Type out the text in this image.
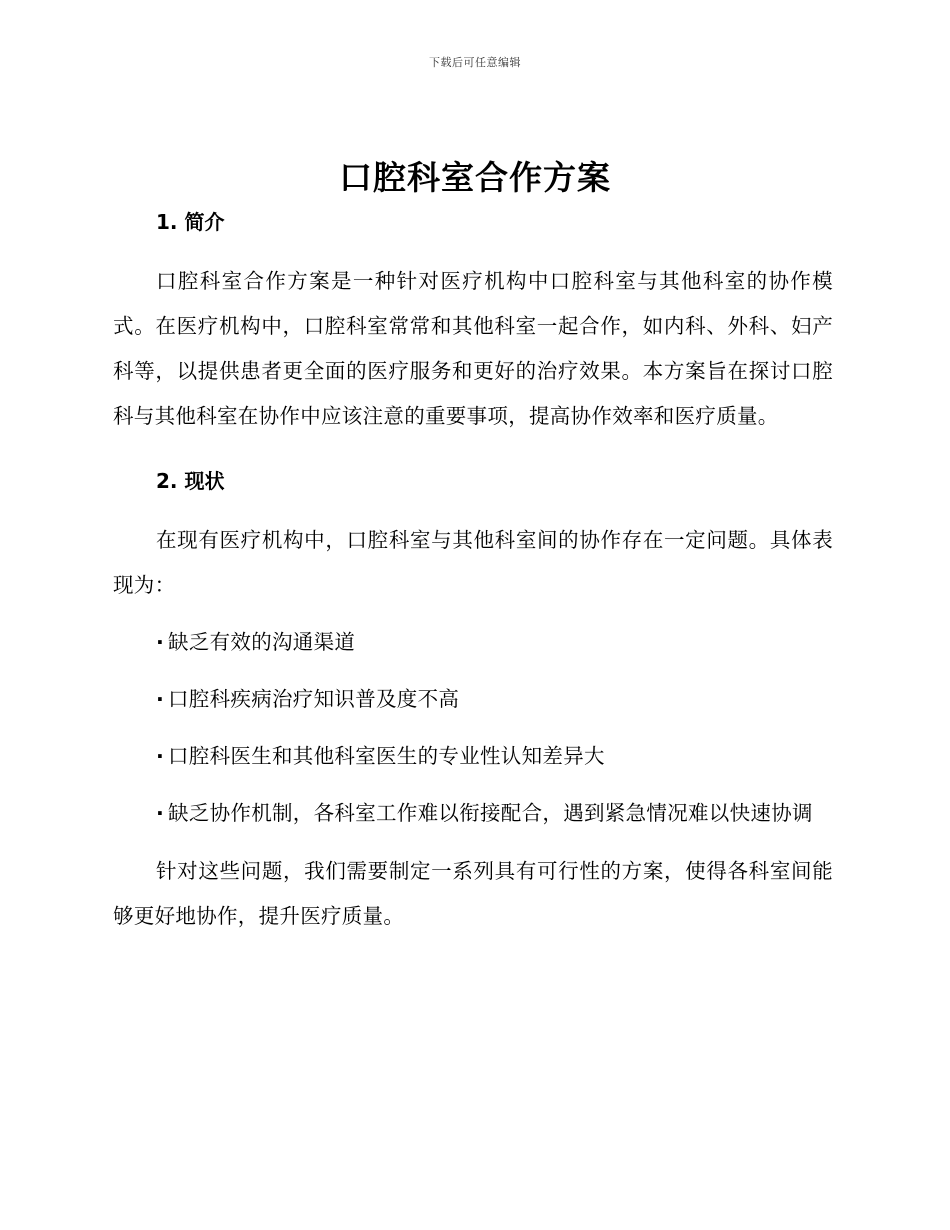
下载后可任意编辑
口腔科室合作方案
1. 简介

口腔科室合作方案是一种针对医疗机构中口腔科室与其他科室的协作模式。在医疗机构中，口腔科室常常和其他科室一起合作，如内科、外科、妇产科等，以提供患者更全面的医疗服务和更好的治疗效果。本方案旨在探讨口腔科与其他科室在协作中应该注意的重要事项，提高协作效率和医疗质量。

2. 现状

在现有医疗机构中，口腔科室与其他科室间的协作存在一定问题。具体表现为：

· 缺乏有效的沟通渠道
· 口腔科疾病治疗知识普及度不高
· 口腔科医生和其他科室医生的专业性认知差异大
· 缺乏协作机制，各科室工作难以衔接配合，遇到紧急情况难以快速协调

针对这些问题，我们需要制定一系列具有可行性的方案，使得各科室间能够更好地协作，提升医疗质量。
